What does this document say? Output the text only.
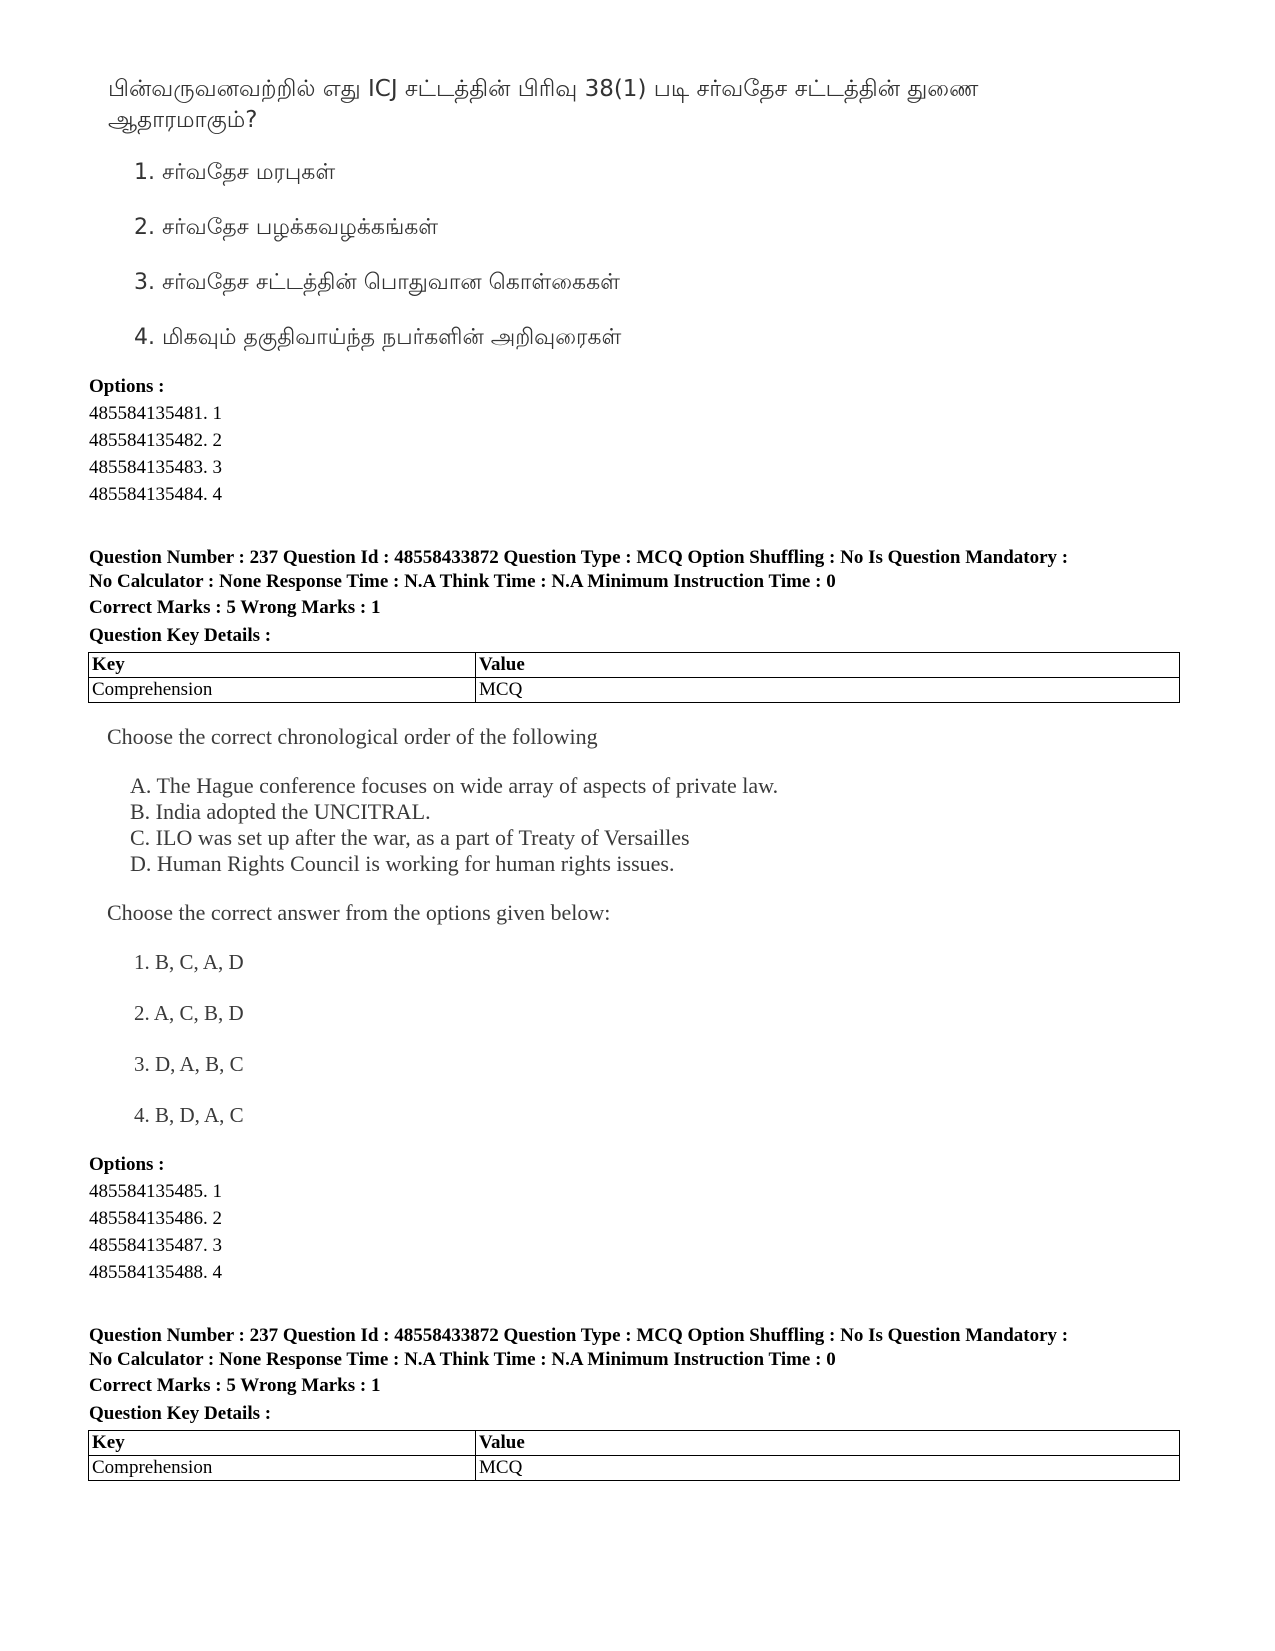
பின்வருவனவற்றில் எது ICJ சட்டத்தின் பிரிவு 38(1) படி சர்வதேச சட்டத்தின் துணை
ஆதாரமாகும்?
1. சர்வதேச மரபுகள்
2. சர்வதேச பழக்கவழக்கங்கள்
3. சர்வதேச சட்டத்தின் பொதுவான கொள்கைகள்
4. மிகவும் தகுதிவாய்ந்த நபர்களின் அறிவுரைகள்
Options :
485584135481. 1
485584135482. 2
485584135483. 3
485584135484. 4
Question Number : 237 Question Id : 48558433872 Question Type : MCQ Option Shuffling : No Is Question Mandatory :
No Calculator : None Response Time : N.A Think Time : N.A Minimum Instruction Time : 0
Correct Marks : 5 Wrong Marks : 1
Question Key Details :
Key	Value
Comprehension	MCQ
Choose the correct chronological order of the following
A. The Hague conference focuses on wide array of aspects of private law.
B. India adopted the UNCITRAL.
C. ILO was set up after the war, as a part of Treaty of Versailles
D. Human Rights Council is working for human rights issues.
Choose the correct answer from the options given below:
1. B, C, A, D
2. A, C, B, D
3. D, A, B, C
4. B, D, A, C
Options :
485584135485. 1
485584135486. 2
485584135487. 3
485584135488. 4
Question Number : 237 Question Id : 48558433872 Question Type : MCQ Option Shuffling : No Is Question Mandatory :
No Calculator : None Response Time : N.A Think Time : N.A Minimum Instruction Time : 0
Correct Marks : 5 Wrong Marks : 1
Question Key Details :
Key	Value
Comprehension	MCQ
